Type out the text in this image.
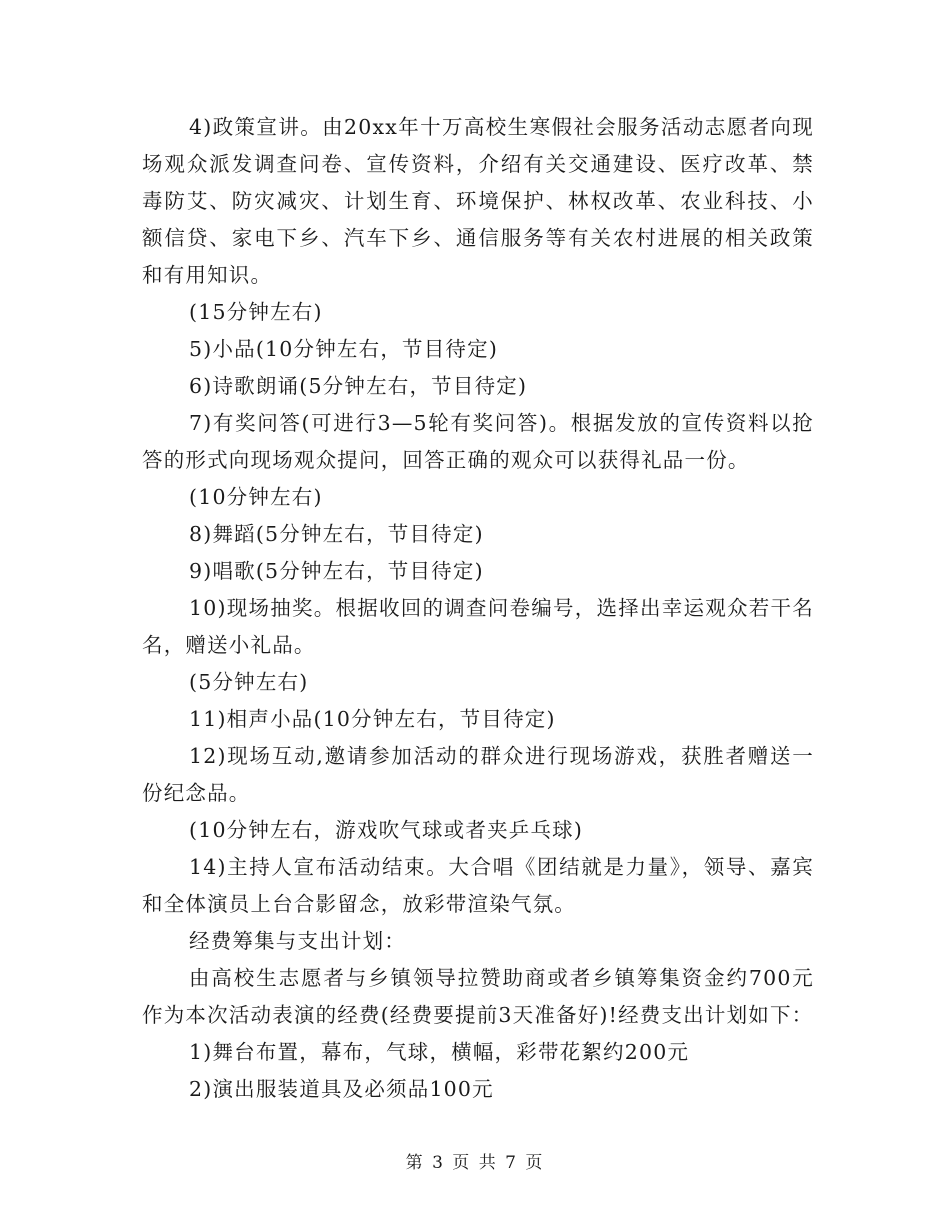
4)政策宣讲。由20xx年十万高校生寒假社会服务活动志愿者向现场观众派发调查问卷、宣传资料，介绍有关交通建设、医疗改革、禁毒防艾、防灾减灾、计划生育、环境保护、林权改革、农业科技、小额信贷、家电下乡、汽车下乡、通信服务等有关农村进展的相关政策和有用知识。

(15分钟左右)

5)小品(10分钟左右，节目待定)

6)诗歌朗诵(5分钟左右，节目待定)

7)有奖问答(可进行3—5轮有奖问答)。根据发放的宣传资料以抢答的形式向现场观众提问，回答正确的观众可以获得礼品一份。

(10分钟左右)

8)舞蹈(5分钟左右，节目待定)

9)唱歌(5分钟左右，节目待定)

10)现场抽奖。根据收回的调查问卷编号，选择出幸运观众若干名名，赠送小礼品。

(5分钟左右)

11)相声小品(10分钟左右，节目待定)

12)现场互动,邀请参加活动的群众进行现场游戏，获胜者赠送一份纪念品。

(10分钟左右，游戏吹气球或者夹乒乓球)

14)主持人宣布活动结束。大合唱《团结就是力量》，领导、嘉宾和全体演员上台合影留念，放彩带渲染气氛。

经费筹集与支出计划：

由高校生志愿者与乡镇领导拉赞助商或者乡镇筹集资金约700元作为本次活动表演的经费(经费要提前3天准备好)!经费支出计划如下：

1)舞台布置，幕布，气球，横幅，彩带花絮约200元

2)演出服装道具及必须品100元

第 3 页 共 7 页
